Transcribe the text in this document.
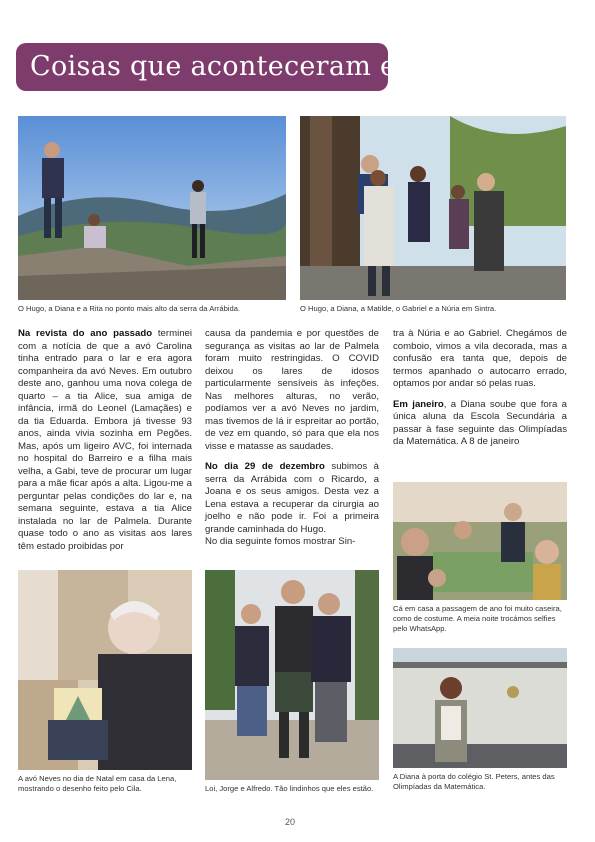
Coisas que aconteceram em 2020
O Hugo, a Diana e a Rita no ponto mais alto da serra da Arrábida.	O Hugo, a Diana, a Matilde, o Gabriel e a Núria em Sintra.

Na revista do ano passado terminei com a notícia de que a avó Carolina tinha entrado para o lar e era agora companheira da avó Neves. Em outubro deste ano, ganhou uma nova colega de quarto – a tia Alice, sua amiga de infância, irmã do Leonel (Lamaçães) e da tia Eduarda. Embora já tivesse 93 anos, ainda vivia sozinha em Pegões. Mas, após um ligeiro AVC, foi internada no hospital do Barreiro e a filha mais velha, a Gabi, teve de procurar um lugar para a mãe ficar após a alta. Ligou-me a perguntar pelas condições do lar e, na semana seguinte, estava a tia Alice instalada no lar de Palmela. Durante quase todo o ano as visitas aos lares têm estado proibidas por

causa da pandemia e por questões de segurança as visitas ao lar de Palmela foram muito restringidas. O COVID deixou os lares de idosos particularmente sensíveis às infeções. Nas melhores alturas, no verão, podíamos ver a avó Neves no jardim, mas tivemos de lá ir espreitar ao portão, de vez em quando, só para que ela nos visse e matasse as saudades.

No dia 29 de dezembro subimos à serra da Arrábida com o Ricardo, a Joana e os seus amigos. Desta vez a Lena estava a recuperar da cirurgia ao joelho e não pode ir. Foi a primeira grande caminhada do Hugo.

No dia seguinte fomos mostrar Sin-

tra à Núria e ao Gabriel. Chegámos de comboio, vimos a vila decorada, mas a confusão era tanta que, depois de termos apanhado o autocarro errado, optamos por andar só pelas ruas.

Em janeiro, a Diana soube que fora a única aluna da Escola Secundária a passar à fase seguinte das Olimpíadas da Matemática. A 8 de janeiro

Cá em casa a passagem de ano foi muito caseira, como de costume. A meia noite trocámos selfies pelo WhatsApp.
A avó Neves no dia de Natal em casa da Lena, mostrando o desenho feito pelo Cila.	Loi, Jorge e Alfredo. Tão lindinhos que eles estão.
A Diana à porta do colégio St. Peters, antes das Olimpíadas da Matemática.
20
